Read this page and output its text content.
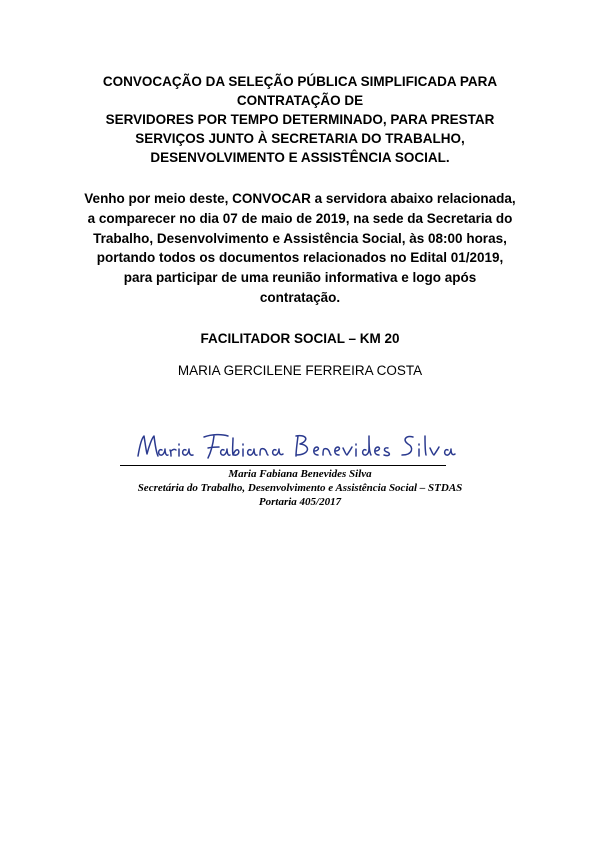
CONVOCAÇÃO DA SELEÇÃO PÚBLICA SIMPLIFICADA PARA
CONTRATAÇÃO DE
SERVIDORES POR TEMPO DETERMINADO, PARA PRESTAR
SERVIÇOS JUNTO À SECRETARIA DO TRABALHO,
DESENVOLVIMENTO E ASSISTÊNCIA SOCIAL.
Venho por meio deste, CONVOCAR a servidora abaixo relacionada,
a comparecer no dia 07 de maio de 2019, na sede da Secretaria do
Trabalho, Desenvolvimento e Assistência Social, às 08:00 horas,
portando todos os documentos relacionados no Edital 01/2019,
para participar de uma reunião informativa e logo após
contratação.
FACILITADOR SOCIAL – KM 20
MARIA GERCILENE FERREIRA COSTA
Maria Fabiana Benevides Silva
Secretária do Trabalho, Desenvolvimento e Assistência Social – STDAS
Portaria 405/2017
